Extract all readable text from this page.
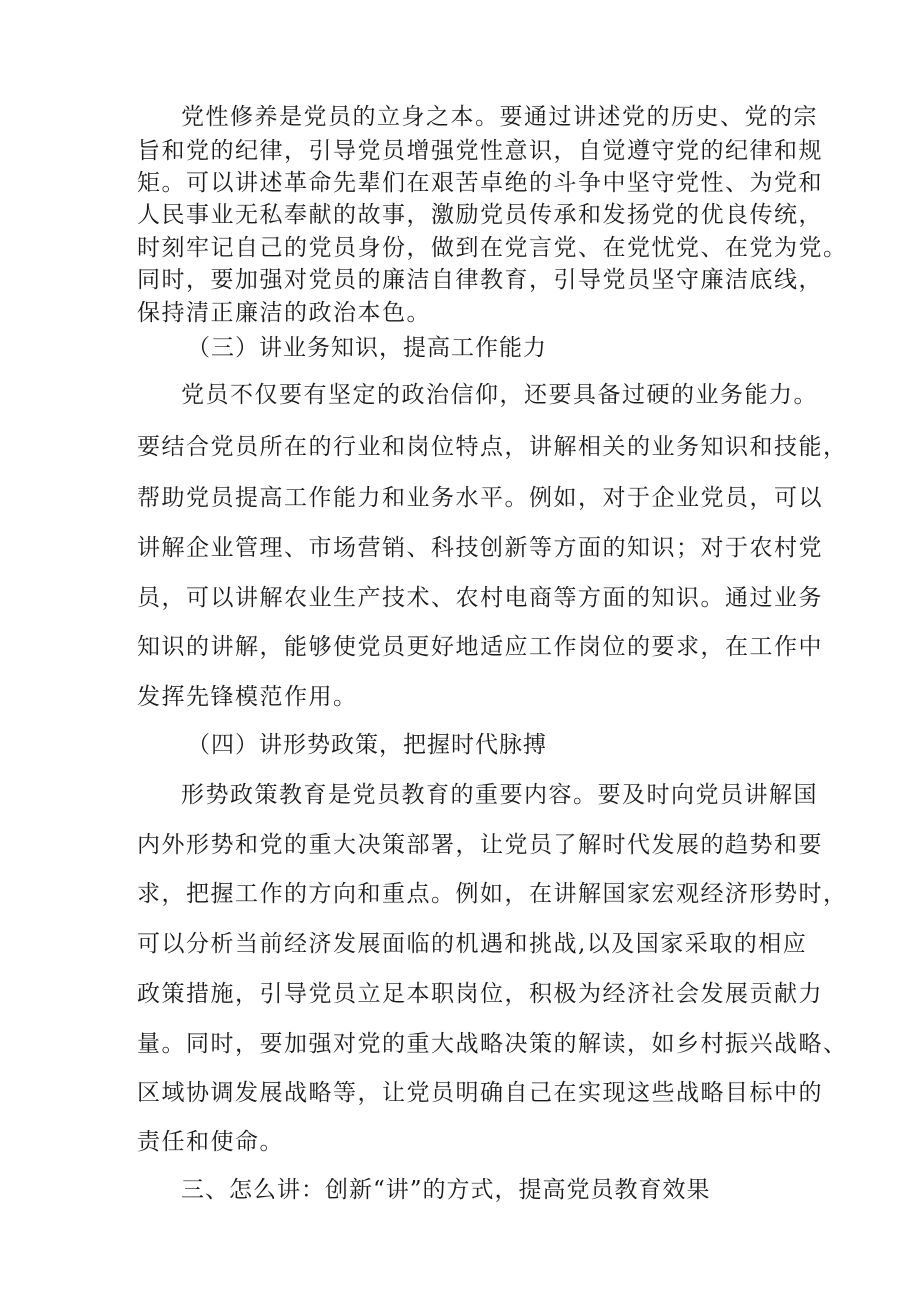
党性修养是党员的立身之本。要通过讲述党的历史、党的宗
旨和党的纪律，引导党员增强党性意识，自觉遵守党的纪律和规
矩。可以讲述革命先辈们在艰苦卓绝的斗争中坚守党性、为党和
人民事业无私奉献的故事，激励党员传承和发扬党的优良传统，
时刻牢记自己的党员身份，做到在党言党、在党忧党、在党为党。
同时，要加强对党员的廉洁自律教育，引导党员坚守廉洁底线，
保持清正廉洁的政治本色。
（三）讲业务知识，提高工作能力
党员不仅要有坚定的政治信仰，还要具备过硬的业务能力。
要结合党员所在的行业和岗位特点，讲解相关的业务知识和技能，
帮助党员提高工作能力和业务水平。例如，对于企业党员，可以
讲解企业管理、市场营销、科技创新等方面的知识；对于农村党
员，可以讲解农业生产技术、农村电商等方面的知识。通过业务
知识的讲解，能够使党员更好地适应工作岗位的要求，在工作中
发挥先锋模范作用。
（四）讲形势政策，把握时代脉搏
形势政策教育是党员教育的重要内容。要及时向党员讲解国
内外形势和党的重大决策部署，让党员了解时代发展的趋势和要
求，把握工作的方向和重点。例如，在讲解国家宏观经济形势时，
可以分析当前经济发展面临的机遇和挑战,以及国家采取的相应
政策措施，引导党员立足本职岗位，积极为经济社会发展贡献力
量。同时，要加强对党的重大战略决策的解读，如乡村振兴战略、
区域协调发展战略等，让党员明确自己在实现这些战略目标中的
责任和使命。
三、怎么讲：创新“讲”的方式，提高党员教育效果
